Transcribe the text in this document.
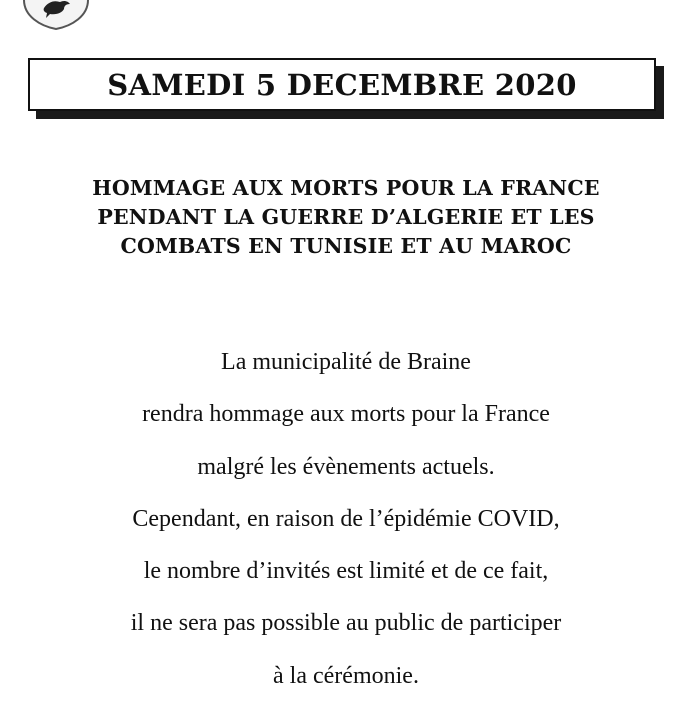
SAMEDI 5 DECEMBRE 2020
HOMMAGE AUX MORTS POUR LA FRANCE
PENDANT LA GUERRE D’ALGERIE ET LES
COMBATS EN TUNISIE ET AU MAROC
La municipalité de Braine
rendra hommage aux morts pour la France
malgré les évènements actuels.
Cependant, en raison de l’épidémie COVID,
le nombre d’invités est limité et de ce fait,
il ne sera pas possible au public de participer
à la cérémonie.
